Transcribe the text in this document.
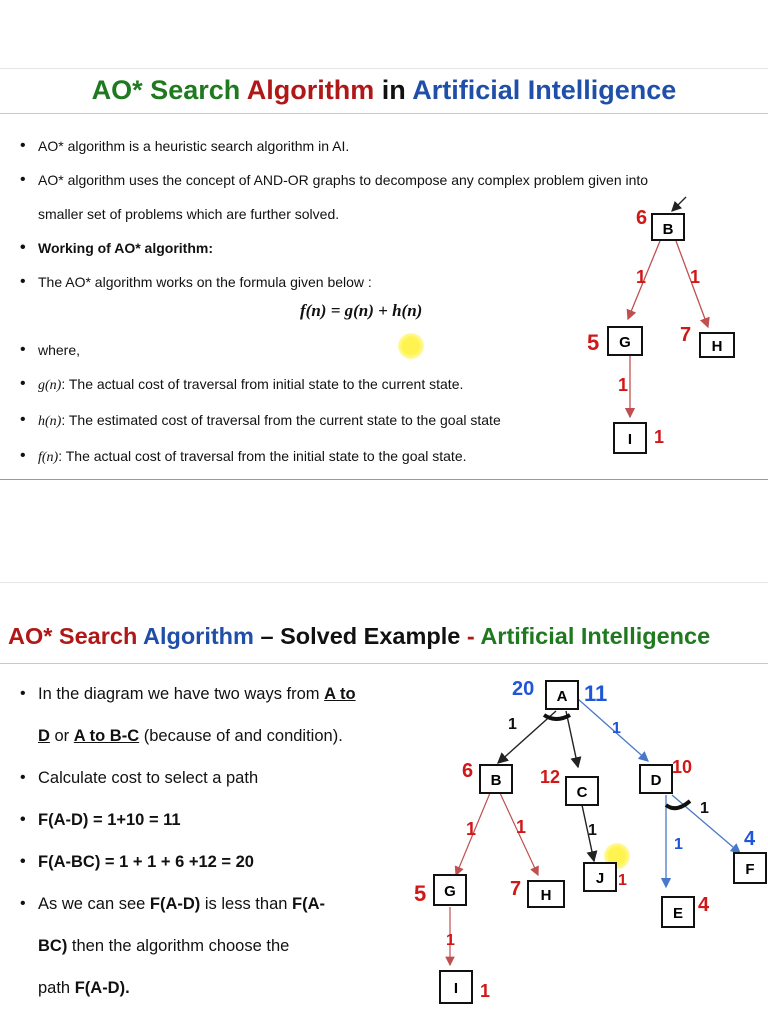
AO* Search Algorithm in Artificial Intelligence
• AO* algorithm is a heuristic search algorithm in AI.
• AO* algorithm uses the concept of AND-OR graphs to decompose any complex problem given into
smaller set of problems which are further solved.
• Working of AO* algorithm:
• The AO* algorithm works on the formula given below :

• where,
• g(n): The actual cost of traversal from initial state to the current state.
• h(n): The estimated cost of traversal from the current state to the goal state
• f(n): The actual cost of traversal from the initial state to the goal state.
f(n) = g(n) + h(n)
B
G	H
I
6
5	7
1 1
1
1
AO* Search Algorithm – Solved Example - Artificial Intelligence
• In the diagram we have two ways from A to
D or A to B-C (because of and condition).
• Calculate cost to select a path
• F(A-D) = 1+10 = 11
• F(A-BC) = 1 + 1 + 6 +12 = 20
• As we can see F(A-D) is less than F(A-
BC) then the algorithm choose the
path F(A-D).
A
B
C
D
F
J
G	H
E
I
20 11
1	1
6	12	10
1 1	1
1
1
5	7	1
4
4
1
1
